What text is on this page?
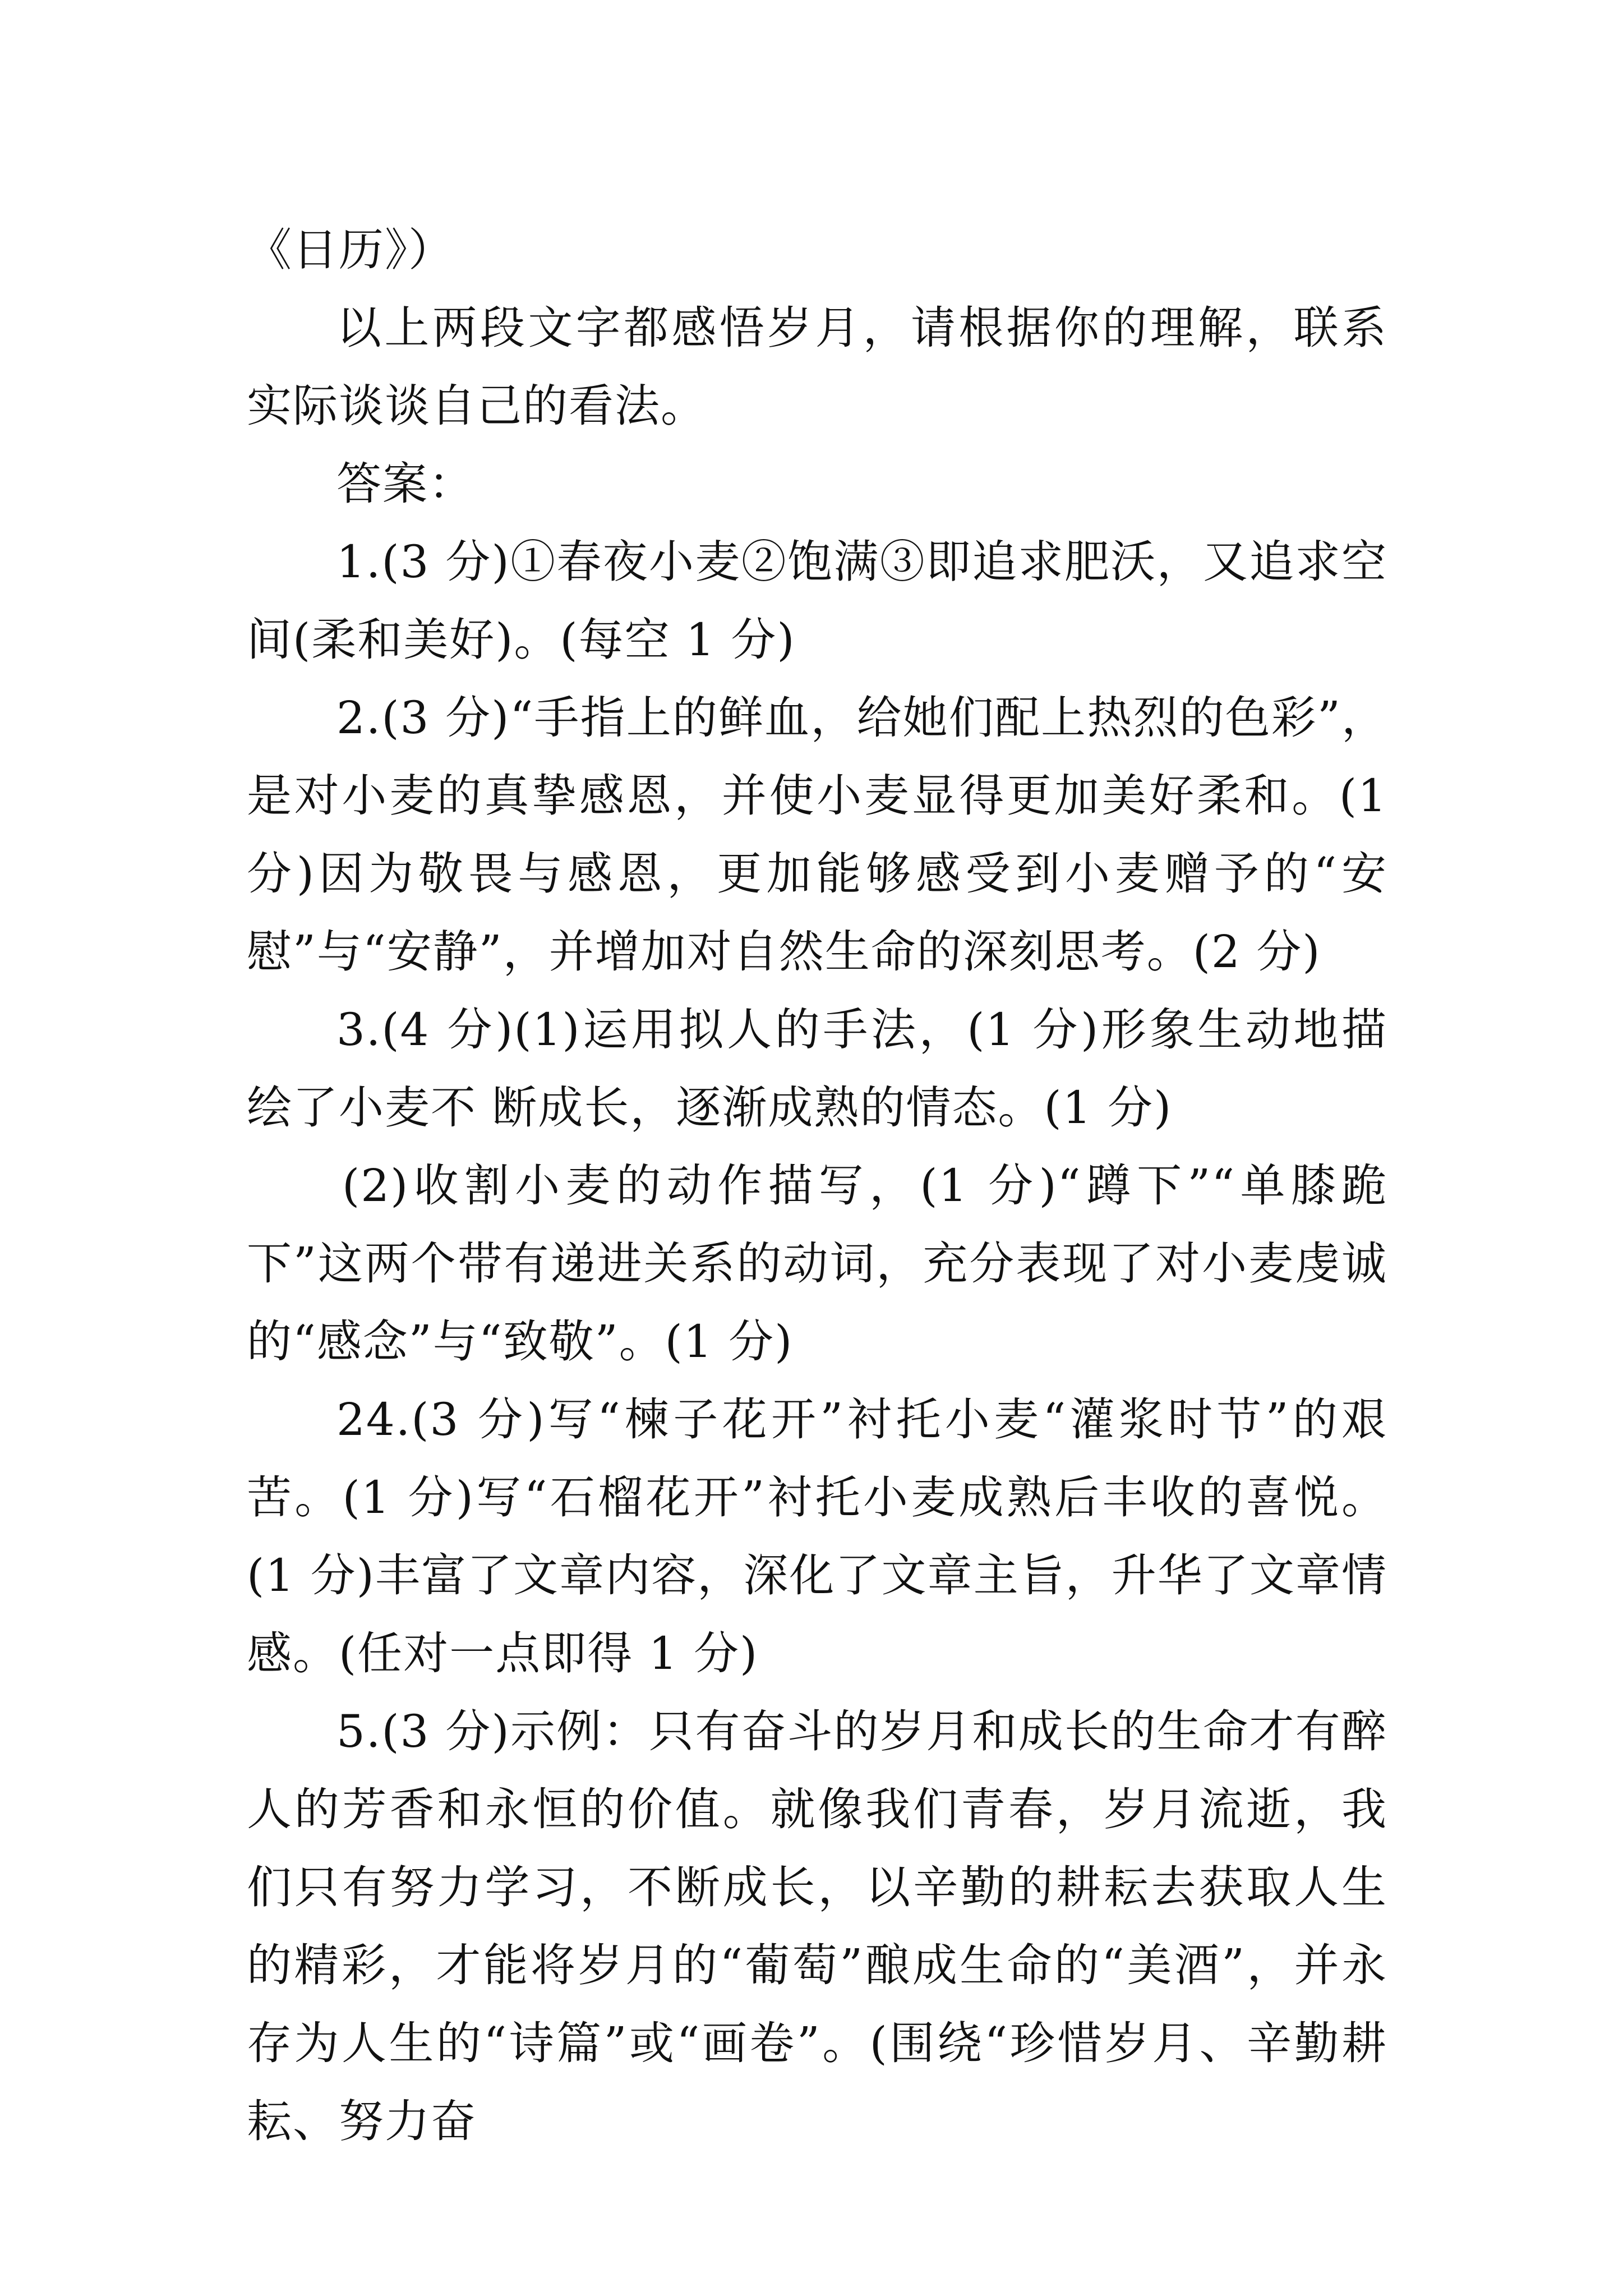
《日历》）

以上两段文字都感悟岁月，请根据你的理解，联系实际谈谈自己的看法。

答案：

1.(3 分)①春夜小麦②饱满③即追求肥沃，又追求空间(柔和美好)。(每空 1 分)

2.(3 分)“手指上的鲜血，给她们配上热烈的色彩”，是对小麦的真挚感恩，并使小麦显得更加美好柔和。(1 分)因为敬畏与感恩，更加能够感受到小麦赠予的“安慰”与“安静”，并增加对自然生命的深刻思考。(2 分)

3.(4 分)(1)运用拟人的手法，(1 分)形象生动地描绘了小麦不 断成长，逐渐成熟的情态。(1 分)

(2)收割小麦的动作描写，(1 分)“蹲下”“单膝跪下”这两个带有递进关系的动词，充分表现了对小麦虔诚的“感念”与“致敬”。(1 分)

24.(3 分)写“楝子花开”衬托小麦“灌浆时节”的艰苦。(1 分)写“石榴花开”衬托小麦成熟后丰收的喜悦。(1 分)丰富了文章内容，深化了文章主旨，升华了文章情感。(任对一点即得 1 分)

5.(3 分)示例：只有奋斗的岁月和成长的生命才有醉人的芳香和永恒的价值。就像我们青春，岁月流逝，我们只有努力学习，不断成长，以辛勤的耕耘去获取人生的精彩，才能将岁月的“葡萄”酿成生命的“美酒”，并永存为人生的“诗篇”或“画卷”。(围绕“珍惜岁月、辛勤耕耘、努力奋
